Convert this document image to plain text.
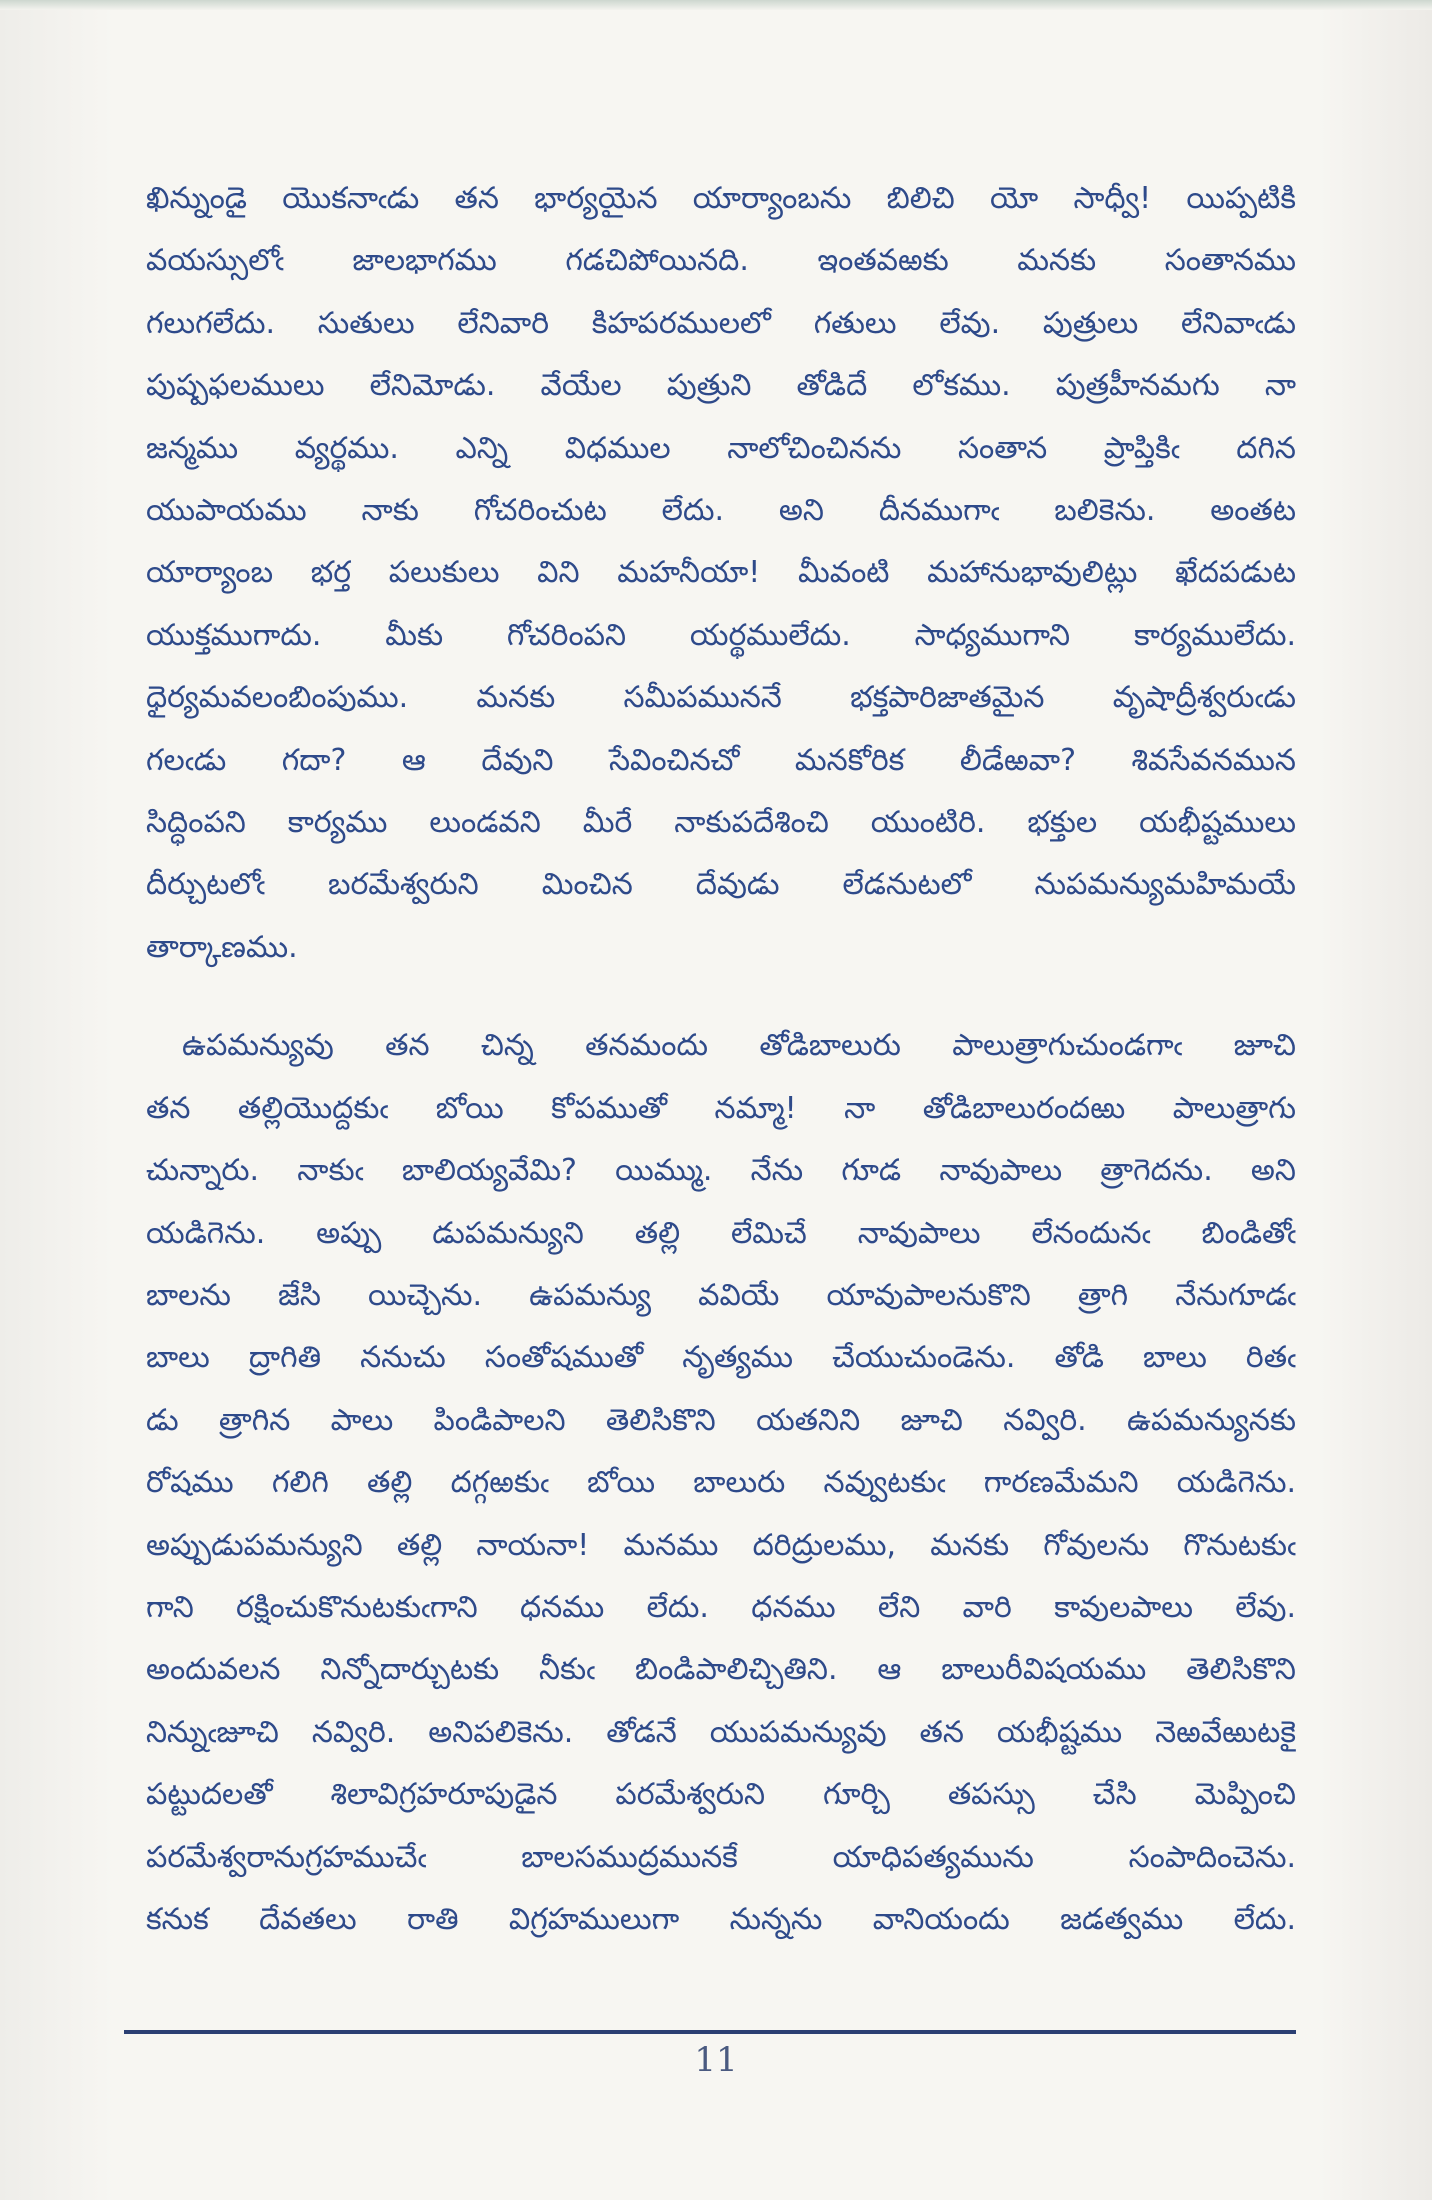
ఖిన్నుండై యొకనాఁడు తన భార్యయైన యార్యాంబను బిలిచి యో సాధ్వీ! యిప్పటికి
వయస్సులోఁ జాలభాగము గడచిపోయినది. ఇంతవఱకు మనకు సంతానము
గలుగలేదు. సుతులు లేనివారి కిహపరములలో గతులు లేవు. పుత్రులు లేనివాఁడు
పుష్పఫలములు లేనిమోడు. వేయేల పుత్రుని తోడిదే లోకము. పుత్రహీనమగు నా
జన్మము వ్యర్థము. ఎన్ని విధముల నాలోచించినను సంతాన ప్రాప్తికిఁ దగిన
యుపాయము నాకు గోచరించుట లేదు. అని దీనముగాఁ బలికెను. అంతట
యార్యాంబ భర్త పలుకులు విని మహనీయా! మీవంటి మహానుభావులిట్లు ఖేదపడుట
యుక్తముగాదు. మీకు గోచరింపని యర్థములేదు. సాధ్యముగాని కార్యములేదు.
ధైర్యమవలంబింపుము. మనకు సమీపముననే భక్తపారిజాతమైన వృషాద్రీశ్వరుఁడు
గలఁడు గదా? ఆ దేవుని సేవించినచో మనకోరిక లీడేఱవా? శివసేవనమున
సిద్ధింపని కార్యము లుండవని మీరే నాకుపదేశించి యుంటిరి. భక్తుల యభీష్టములు
దీర్చుటలోఁ బరమేశ్వరుని మించిన దేవుడు లేడనుటలో నుపమన్యుమహిమయే
తార్కాణము.
ఉపమన్యువు తన చిన్న తనమందు తోడిబాలురు పాలుత్రాగుచుండగాఁ జూచి
తన తల్లియొద్దకుఁ బోయి కోపముతో నమ్మా! నా తోడిబాలురందఱు పాలుత్రాగు
చున్నారు. నాకుఁ బాలియ్యవేమి? యిమ్ము. నేను గూడ నావుపాలు త్రాగెదను. అని
యడిగెను. అప్పు డుపమన్యుని తల్లి లేమిచే నావుపాలు లేనందునఁ బిండితోఁ
బాలను జేసి యిచ్చెను. ఉపమన్యు వవియే యావుపాలనుకొని త్రాగి నేనుగూడఁ
బాలు ద్రాగితి ననుచు సంతోషముతో నృత్యము చేయుచుండెను. తోడి బాలు రితఁ
డు త్రాగిన పాలు పిండిపాలని తెలిసికొని యతనిని జూచి నవ్విరి. ఉపమన్యునకు
రోషము గలిగి తల్లి దగ్గఱకుఁ బోయి బాలురు నవ్వుటకుఁ గారణమేమని యడిగెను.
అప్పుడుపమన్యుని తల్లి నాయనా! మనము దరిద్రులము, మనకు గోవులను గొనుటకుఁ
గాని రక్షించుకొనుటకుఁగాని ధనము లేదు. ధనము లేని వారి కావులపాలు లేవు.
అందువలన నిన్నోదార్చుటకు నీకుఁ బిండిపాలిచ్చితిని. ఆ బాలురీవిషయము తెలిసికొని
నిన్నుఁజూచి నవ్విరి. అనిపలికెను. తోడనే యుపమన్యువు తన యభీష్టము నెఱవేఱుటకై
పట్టుదలతో శిలావిగ్రహరూపుడైన పరమేశ్వరుని గూర్చి తపస్సు చేసి మెప్పించి
పరమేశ్వరానుగ్రహముచేఁ బాలసముద్రమునకే యాధిపత్యమును సంపాదించెను.
కనుక దేవతలు రాతి విగ్రహములుగా నున్నను వానియందు జడత్వము లేదు.
11
